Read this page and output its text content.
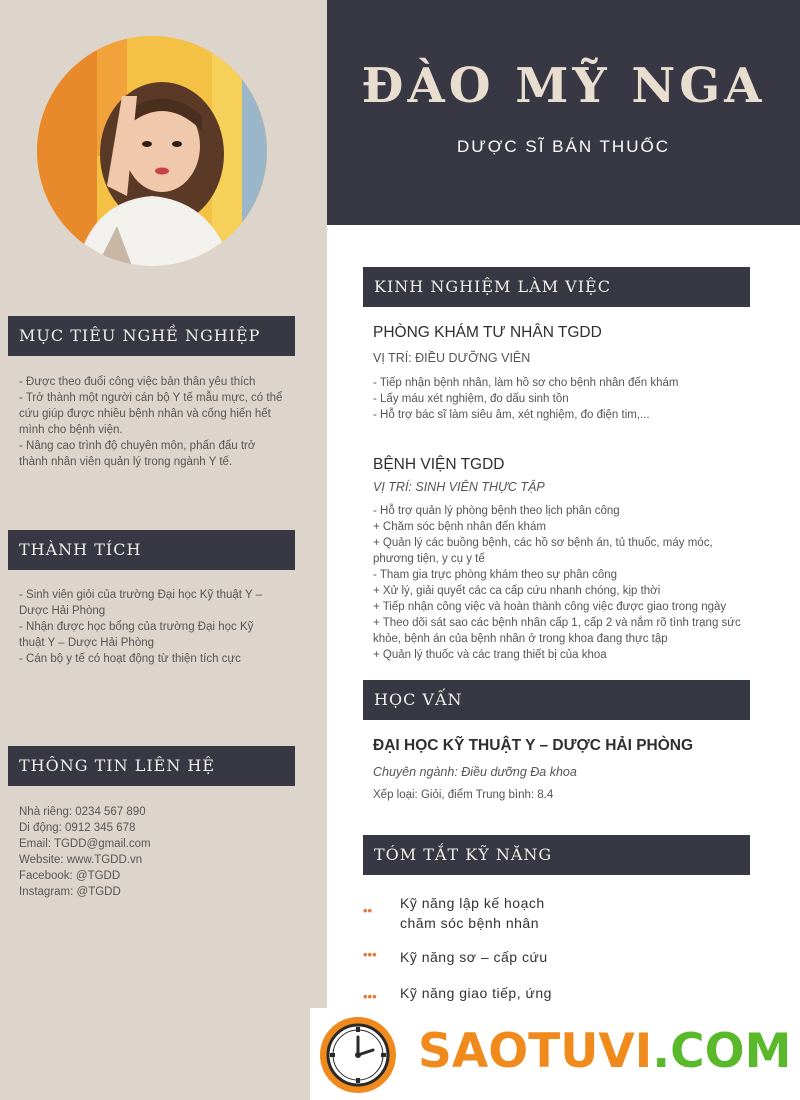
ĐÀO MỸ NGA
DƯỢC SĨ BÁN THUỐC
MỤC TIÊU NGHỀ NGHIỆP

- Được theo đuổi công việc bản thân yêu thích

- Trở thành một người cán bộ Y tế mẫu mực, có thể

cứu giúp được nhiều bệnh nhân và cống hiến hết

mình cho bệnh viện.

- Nâng cao trình độ chuyên môn, phấn đấu trở

thành nhân viên quản lý trong ngành Y tế.

THÀNH TÍCH

- Sinh viên giỏi của trường Đại học Kỹ thuật Y –

Dược Hải Phòng

- Nhận được học bổng của trường Đại học Kỹ

thuật Y – Dược Hải Phòng

- Cán bộ y tế có hoạt động từ thiện tích cực

THÔNG TIN LIÊN HỆ

Nhà riêng: 0234 567 890

Di động: 0912 345 678

Email: TGDD@gmail.com

Website: www.TGDD.vn

Facebook: @TGDD

Instagram: @TGDD

KINH NGHIỆM LÀM VIỆC
PHÒNG KHÁM TƯ NHÂN TGDD
VỊ TRÍ: ĐIỀU DƯỠNG VIÊN

- Tiếp nhận bệnh nhân, làm hồ sơ cho bệnh nhân đến khám

- Lấy máu xét nghiệm, đo dấu sinh tồn

- Hỗ trợ bác sĩ làm siêu âm, xét nghiệm, đo điện tim,...

BỆNH VIỆN TGDD
VỊ TRÍ: SINH VIÊN THỰC TẬP

- Hỗ trợ quản lý phòng bệnh theo lịch phân công

+ Chăm sóc bệnh nhân đến khám

+ Quản lý các buồng bệnh, các hồ sơ bệnh án, tủ thuốc, máy móc,

phương tiện, y cụ y tế

- Tham gia trực phòng khám theo sự phân công

+ Xử lý, giải quyết các ca cấp cứu nhanh chóng, kịp thời

+ Tiếp nhận công việc và hoàn thành công việc được giao trong ngày

+ Theo dõi sát sao các bệnh nhân cấp 1, cấp 2 và nắm rõ tình trạng sức

khỏe, bệnh án của bệnh nhân ở trong khoa đang thực tập

+ Quản lý thuốc và các trang thiết bị của khoa

HỌC VẤN
ĐẠI HỌC KỸ THUẬT Y – DƯỢC HẢI PHÒNG
Chuyên ngành: Điều dưỡng Đa khoa
Xếp loại: Giỏi, điểm Trung bình: 8.4
TÓM TẮT KỸ NĂNG
•• Kỹ năng lập kế hoạch

chăm sóc bệnh nhân

••• Kỹ năng sơ – cấp cứu

••• Kỹ năng giao tiếp, ứng

SAOTUVI.COM
